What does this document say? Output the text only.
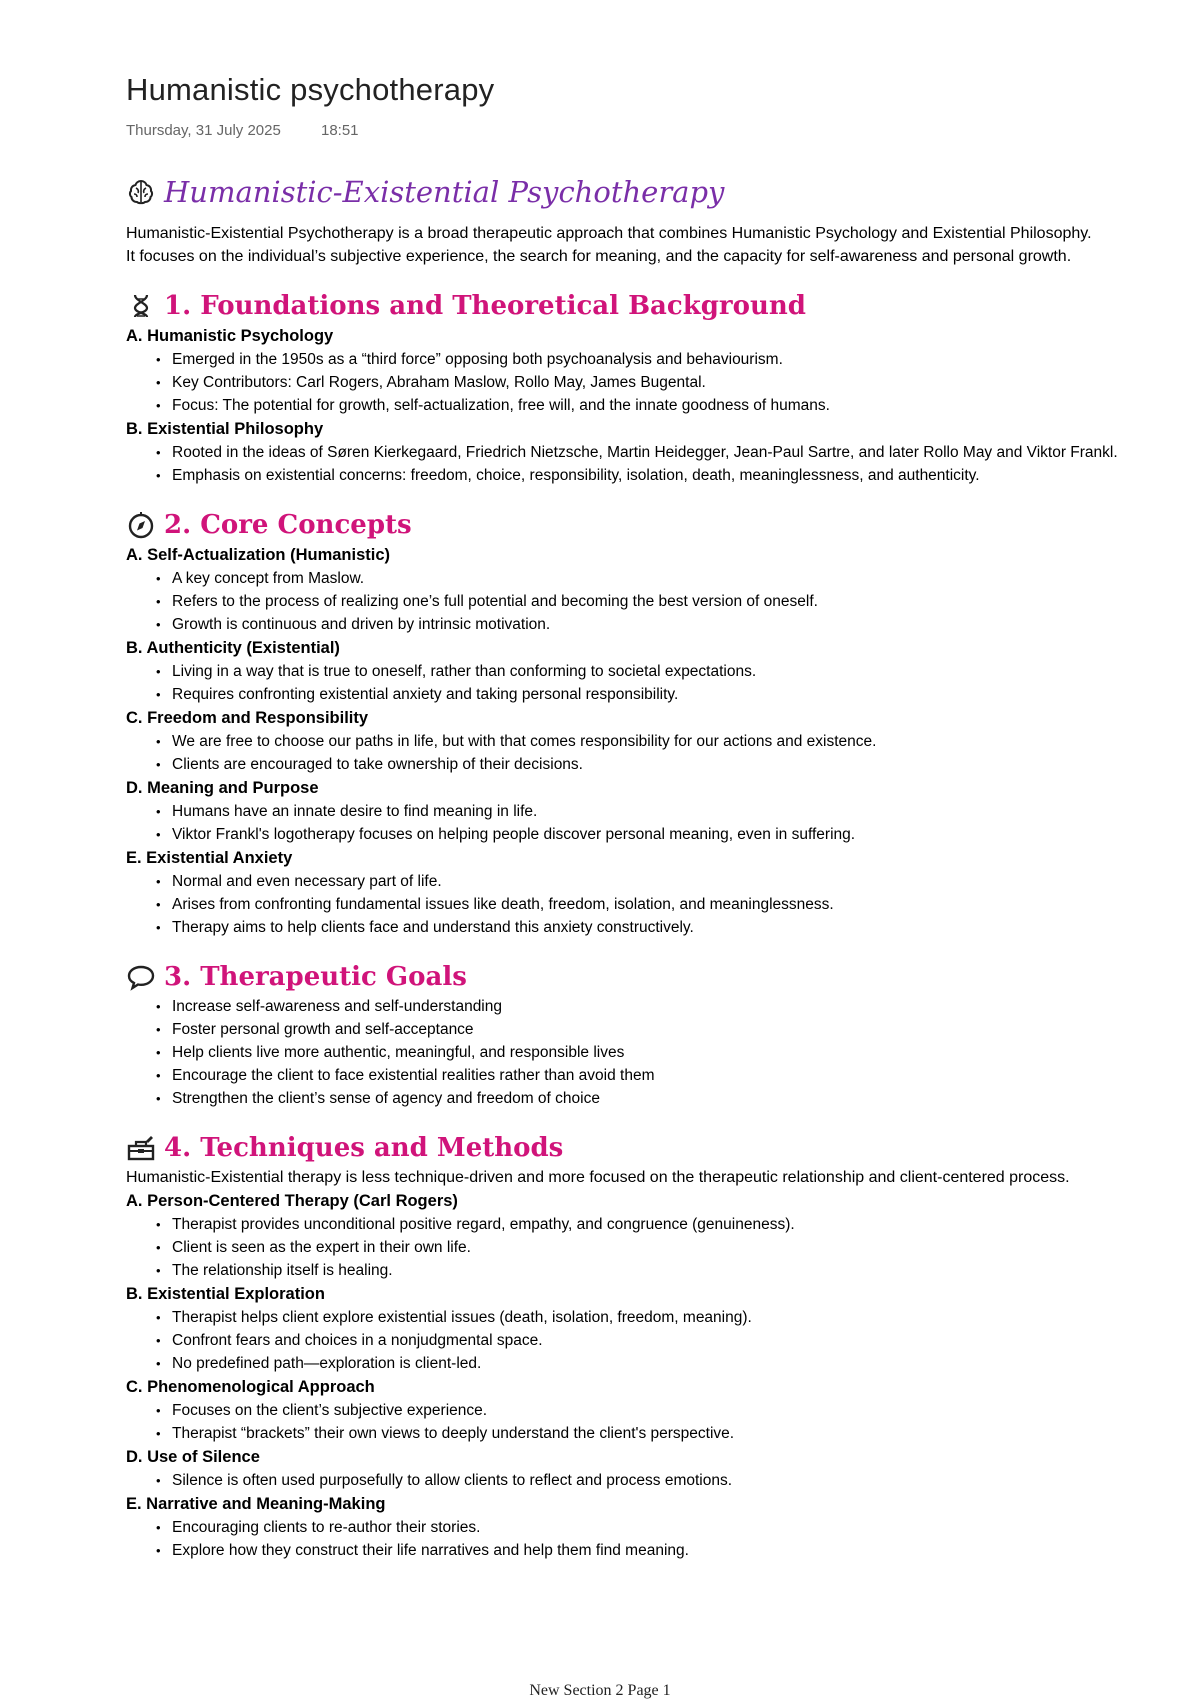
Humanistic psychotherapy
Thursday, 31 July 2025	18:51
Humanistic-Existential Psychotherapy

Humanistic-Existential Psychotherapy is a broad therapeutic approach that combines Humanistic Psychology and Existential Philosophy.

It focuses on the individual’s subjective experience, the search for meaning, and the capacity for self-awareness and personal growth.

1. Foundations and Theoretical Background
A. Humanistic Psychology
• Emerged in the 1950s as a “third force” opposing both psychoanalysis and behaviourism.
• Key Contributors: Carl Rogers, Abraham Maslow, Rollo May, James Bugental.
• Focus: The potential for growth, self-actualization, free will, and the innate goodness of humans.
B. Existential Philosophy
• Rooted in the ideas of Søren Kierkegaard, Friedrich Nietzsche, Martin Heidegger, Jean-Paul Sartre, and later Rollo May and Viktor Frankl.
• Emphasis on existential concerns: freedom, choice, responsibility, isolation, death, meaninglessness, and authenticity.
2. Core Concepts
A. Self-Actualization (Humanistic)
• A key concept from Maslow.
• Refers to the process of realizing one’s full potential and becoming the best version of oneself.
• Growth is continuous and driven by intrinsic motivation.
B. Authenticity (Existential)
• Living in a way that is true to oneself, rather than conforming to societal expectations.
• Requires confronting existential anxiety and taking personal responsibility.
C. Freedom and Responsibility
• We are free to choose our paths in life, but with that comes responsibility for our actions and existence.
• Clients are encouraged to take ownership of their decisions.
D. Meaning and Purpose
• Humans have an innate desire to find meaning in life.
• Viktor Frankl's logotherapy focuses on helping people discover personal meaning, even in suffering.
E. Existential Anxiety
• Normal and even necessary part of life.
• Arises from confronting fundamental issues like death, freedom, isolation, and meaninglessness.
• Therapy aims to help clients face and understand this anxiety constructively.
3. Therapeutic Goals
• Increase self-awareness and self-understanding
• Foster personal growth and self-acceptance
• Help clients live more authentic, meaningful, and responsible lives
• Encourage the client to face existential realities rather than avoid them
• Strengthen the client’s sense of agency and freedom of choice
4. Techniques and Methods

Humanistic-Existential therapy is less technique-driven and more focused on the therapeutic relationship and client-centered process.

A. Person-Centered Therapy (Carl Rogers)
• Therapist provides unconditional positive regard, empathy, and congruence (genuineness).
• Client is seen as the expert in their own life.
• The relationship itself is healing.
B. Existential Exploration
• Therapist helps client explore existential issues (death, isolation, freedom, meaning).
• Confront fears and choices in a nonjudgmental space.
• No predefined path—exploration is client-led.
C. Phenomenological Approach
• Focuses on the client’s subjective experience.
• Therapist “brackets” their own views to deeply understand the client's perspective.
D. Use of Silence
• Silence is often used purposefully to allow clients to reflect and process emotions.
E. Narrative and Meaning-Making
• Encouraging clients to re-author their stories.
• Explore how they construct their life narratives and help them find meaning.
New Section 2 Page 1
